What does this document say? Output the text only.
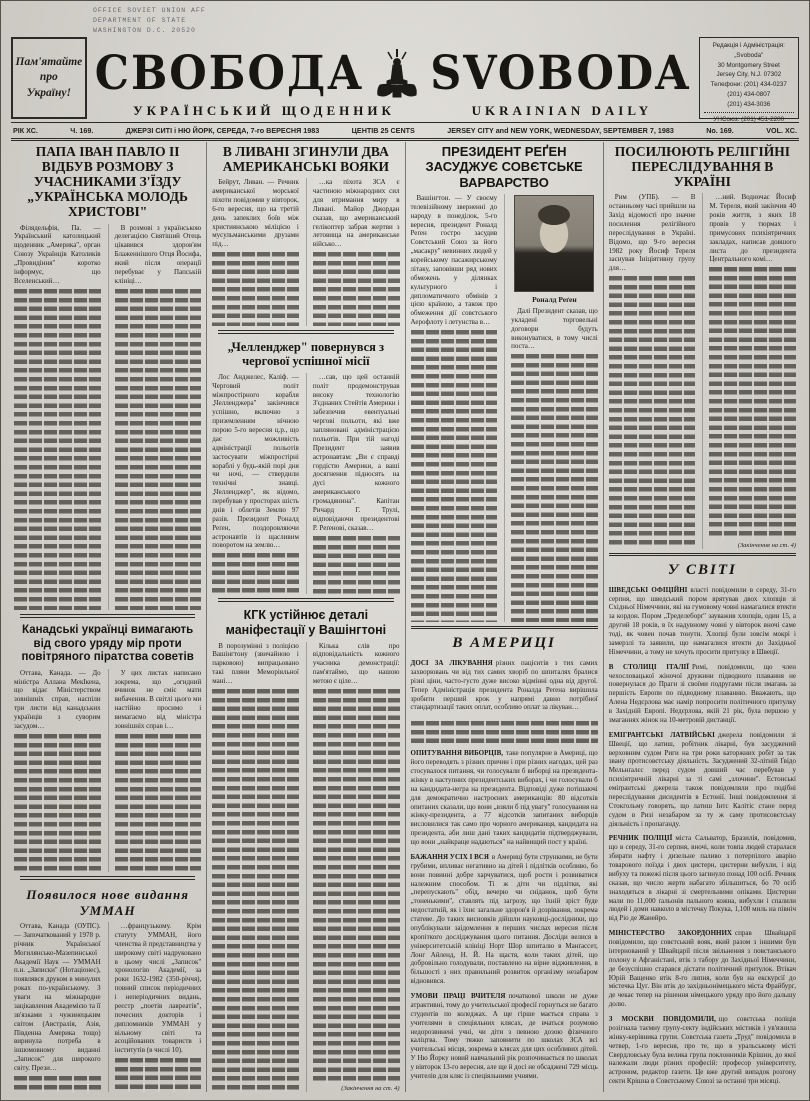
OFFICE SOVIET UNION AFF
DEPARTMENT OF STATE
WASHINGTON D.C. 20520
Пам'ятайте
про
Україну! СВОБОДА SVOBODA
УКРАЇНСЬКИЙ ЩОДЕННИК	UKRAINIAN DAILY
Редакція і Адміністрація:
„Svoboda"
30 Montgomery Street
Jersey City, N.J. 07302
Телефони: (201) 434-0237
(201) 434-0807
(201) 434-3036
УНСоюз: (201) 451-2200
РІК ХС.	Ч. 169.	ДЖЕРЗІ СИТІ і НЮ ЙОРК, СЕРЕДА, 7-го ВЕРЕСНЯ 1983	ЦЕНТІВ 25 CENTS	JERSEY CITY and NEW YORK, WEDNESDAY, SEPTEMBER 7, 1983	No. 169.	VOL. XC.
ПАПА ІВАН ПАВЛО II ВІДБУВ РОЗМОВУ З УЧАСНИКАМИ З'ЇЗДУ „УКРАЇНСЬКА МОЛОДЬ ХРИСТОВІ"
Філядельфія, Па. — Український католицький щоденник „Америка", орган Союзу Українців Католиків „Провидіння" коротко інформує, що Вселенський…
В розмові з українською делегацією Святіший Отець цікавився здоров'ям Блаженнішого Отця Йосифа, який після операції перебуває у Папській клініці…
Канадські українці вимагають від свого уряду мір проти повітряного піратства советів
Оттава, Канада. — До міністра Аллана МекІкена, що відає Міністерством зовнішніх справ, наспіли три листи від канадських українців з суворим засудом…
У цих листах написано зокрема, що „огидний вчинок не сміє мати вибачення. В світлі цього ми настійно просимо і вимагаємо від міністра зовнішніх справ і…
Появилося нове видання УММАН
Оттава, Канада (ОУПС). — Започаткований у 1978 р. річник Української Могилянсько-Мазепинської Академії Наук — УММАН п.н. „Записки" (Нотаціонес), появлявся друком в минулих роках по-українському. З уваги на міжнародне зацікавлення Академією та її зв'язками з чужинецьким світом (Австралія, Азія, Південна Америка тощо) виринула потреба в іншомовному виданні „Записок" для широкого світу. Прези…
…французькому. Крім статуту УММАН, його членства й представництва у широкому світі надруковано в цьому числі „Записок" хронологію Академії, за роки 1632-1982 (350-річчя), повний список періодичних і неперіодичних видань, реєстр „поетів лавреатів", почесних докторів і дипломників УММАН у вільному світі та асоційованих товариств і інститутів (в числі 10).
В ЛИВАНІ ЗГИНУЛИ ДВА АМЕРИКАНСЬКІ ВОЯКИ
Бейрут, Ливан. — Речник американської морської піхоти повідомив у вівторок, 6-го вересня, що на третій день запеклих боїв між християнською міліцією і мусульманськими друзами під…
…ка піхота ЗСА є частиною міжнародних сил для втримання миру в Ливані. Майор Джордан сказав, що американський гелікоптер забрав жертви з летовища на американське військо…
„Челленджер" повернувся з чергової успішної місії
Лос Анджелес, Каліф. — Черговий політ міжпростірного корабля „Челленджера" закінчився успішно, включно з приземленням нічною порою 5-го вересня ц.р., що дає можливість адміністрації польотів застосувати міжпростірні кораблі у будь-якій порі дня чи ночі, — ствердили технічні знавці. „Челленджер", як відомо, перебував у просторах шість днів і облетів Землю 97 разів. Президент Роналд Реґен, поздоровляючи астронавтів із щасливим поворотом на землю…
…сав, що цей останній політ продемонстрував високу технологію З'єднаних Стейтів Америки і забезпечив евентуальні чергові польоти, які вже запляновані адміністрацією польотів. При тій нагоді Президент заявив астронавтам: „Ви є справді гордістю Америки, а ваші досягнення підносять на дусі кожного американського громадянина". Капітан Ричард Г. Трулі, відповідаючи президентові Р. Реґенові, сказав…
КГК устійнює деталі маніфестації у Вашінгтоні
В порозумінні з поліцією Вашінгтону (звичайною і парковою) випрацьовано такі пляни Меморіяльної мані…
Кілька слів про відповідальність кожного учасника демонстрації: пам'ятаймо, що нашою метою є ціле…
(Закінчення на ст. 4)
ПРЕЗИДЕНТ РЕҐЕН ЗАСУДЖУЄ СОВЄТСЬКЕ ВАРВАРСТВО
Вашінгтон. — У своєму телевізійному зверненні до народу в понеділок, 5-го вересня, президент Роналд Реґен гостро засудив Совєтський Союз за його „масакру" невинних людей у корейському пасажирському літаку, заповівши ряд нових обмежень у ділянках культурного і дипломатичного обмінів з цією країною, а також про обмеження дії совєтського Аерофлоту і летунства в…
Роналд Реґен
Далі Президент сказав, що укладені торговельні договори будуть виконуватися, в тому числі поста…
В АМЕРИЦІ
ДОСІ ЗА ЛІКУВАННЯ різних пацієнтів з тих самих захворювань чи від тих самих хворіб по шпиталях бралися різні ціни, часто-густо дуже високо відмінні одна від другої. Тепер Адміністрація президента Роналда Реґена вирішила зробити перший крок у напрямі давно потрібної стандартизації таких оплат, особливо оплат за лікуван…
ОПИТУВАННЯ ВИБОРЦІВ, таке популярне в Америці, що його переводять з різних причин і при різних нагодах, цей раз стосувалося питання, чи голосували б виборці на президента-жінку в наступних президентських виборах, і чи голосували б на кандидата-негра на президента. Відповіді дуже потішаючі для демократично настроєних американців: 80 відсотків опитаних сказали, що вони „взяли б під увагу" голосування на жінку-президента, а 77 відсотків запитаних виборців висловилися так само про чорного американця, кандидата на президента, аби лиш дані таких кандидатів підтверджували, що вони „найкраще надаються" на найвищий пост у країні.
БАЖАННЯ УСІХ І ВСЯ в Америці бути стрункими, не бути грубими, впливає негативно на дітей і підлітків особливо, бо вони повинні добре харчуватися, щоб рости і розвиватися належним способом. Ті ж діти чи підлітки, які „перепускають" обід, вечерю чи сніданок, щоб бути „тоненькими", ставлять під загрозу, що їхній зріст буде недостатній, як і їхнє загальне здоров'я й дозрівання, зокрема статеве. До таких висновків дійшли науковці-дослідники, що опублікували заідомлення в перших числах вересня після кропіткого досліджування цього питання. Досліди велися в університетській клініці Норт Шор шпиталю в Манґассет, Лонг Айленд, Н. Й. На щастя, коли таких дітей, що добровільно голодували, поставлено на вірне відживлення, в більшості з них правильний розвиток організму незабаром відновився.
УМОВИ ПРАЦІ ВЧИТЕЛЯ початкової школи не дуже атрактивні, тому до учительської професії горнуться не багато студентів по коледжах. А ще гірше мається справа з учителями в спеціяльних клясах, де вчаться розумово недорозвинені учні, чи діти з певною дозою фізичного каліцтва. Тому тяжко заповнити по школах ЗСА всі учительські місця, зокрема в клясах для цих особливих дітей. У Ню Йорку новий навчальний рік розпочинається по школах у вівторок 13-го вересня, але ще й досі не обсаджені 729 місць учителів для кляс із спеціяльними учнями.
ПОСИЛЮЮТЬ РЕЛІГІЙНІ ПЕРЕСЛІДУВАННЯ В УКРАЇНІ
Рим (УПБ). — В останньому часі прийшли на Захід відомості про значне посилення релігійного переслідування в Україні. Відомо, що 9-го вересня 1982 року Йосиф Тереля заснував Ініціятивну групу для…
…ний. Водночас Йосиф М. Тереля, який закінчив 40 років життя, з яких 18 провів у тюрмах і примусових психіятричних закладах, написав довшого листа до президента Центрального комі…
(Закінчення на ст. 4)
У СВІТІ
ШВЕДСЬКІ ОФІЦІЙНІ власті повідомили в середу, 31-го серпня, що шведський пором врятував двох хлопців зі Східньої Німеччини, які на гумовому човні намагалися втекти за кордон. Пором „Тределеборґ" зауважив хлопців, один 15, а другий 18 років, в їх надувному човні у вівторок вночі саме тоді, як човен почав тонути. Хлопці були зовсім мокрі і замерзлі та заявили, що намагалися втекти до Західньої Німеччини, а тому не хочуть просити притулку в Швеції.
В СТОЛИЦІ ІТАЛІЇ Римі, повідомили, що член чехословацької жіночої дружини підводного плавання не повернулася до Праги зі своїми подругами після змагань за першість Европи по підводному плаванню. Вважають, що Алена Недєрлова має намір попросити політичного притулку в Західній Европі. Недєрлова, якій 21 рік, була першою у змаганнях жінок на 10-метровій дистанції.
ЕМІГРАНТСЬКІ ЛАТВІЙСЬКІ джерела повідомили зі Швеції, що латиш, робітник лікарні, був засуджений верховним судом Риги на три роки каторжних робіт за так звану протисовєтську діяльність. Засуджений 32-літній Ґвідо Мельнґалєс перед судом довший час перебував у психіятричній лікарні за ті самі „злочини". Естонські еміґрантські джерела також повідомляли про подібні переслідування дисидентів в Естонії. Інші повідомлення зі Стокгольму говорять, що латиш Інтс Калітіс стане перед судом в Ризі незабаром за ту ж саму протисовєтську діяльність і пропаганду.
РЕЧНИК ПОЛІЦІЇ міста Сальватор, Бразилія, повідомив, що в середу, 31-го серпня, вночі, коли товпа людей старалася збирати нафту і дизельне паливо з потерпілого аварію товарового поїзда і двох цистерн, цистерни вибухли, і від вибуху та пожежі після цього загинуло понад 100 осіб. Речник сказав, що число жертв набагато збільшиться, бо 70 осіб знаходяться в лікарні зі смертельними опіками. Цистерни мали по 11,000 ґальонів пального кожна, вибухли і спалили людей і доми навколо в містечку Покука, 1,100 миль на північ від Ріо де Жанейро.
МІНІСТЕРСТВО ЗАКОРДОННИХ справ Швайцарії повідомило, що совєтський вояк, який разом з іншими був інтернований у Швайцарії після звільнення з повстанського полону в Афганістані, втік з табору до Західньої Німеччини, де безуспішно старався дістати політичний притулок. Втікач Юрій Ващенко втік 8-го липня, коли був на екскурсії до містечка Цуґ. Він втік до західньонімецького міста Фрайбурґ, де чекає тепер на рішення німецького уряду про його дальшу долю.
З МОСКВИ ПОВІДОМИЛИ, що совєтська поліція розігнала таємну групу-секту індійських містиків і ув'язнила жінку-керівника групи. Совєтська газета „Труд" повідомила в четвер, 1-го вересня, про те, що в уральському місті Свердловську була велика група поклонників Крішни, до якої належали люди різних професій: професор університету, астроном, редактор газети. Це вже другий випадок розгону секти Крішна в Совєтському Союзі за останні три місяці.
